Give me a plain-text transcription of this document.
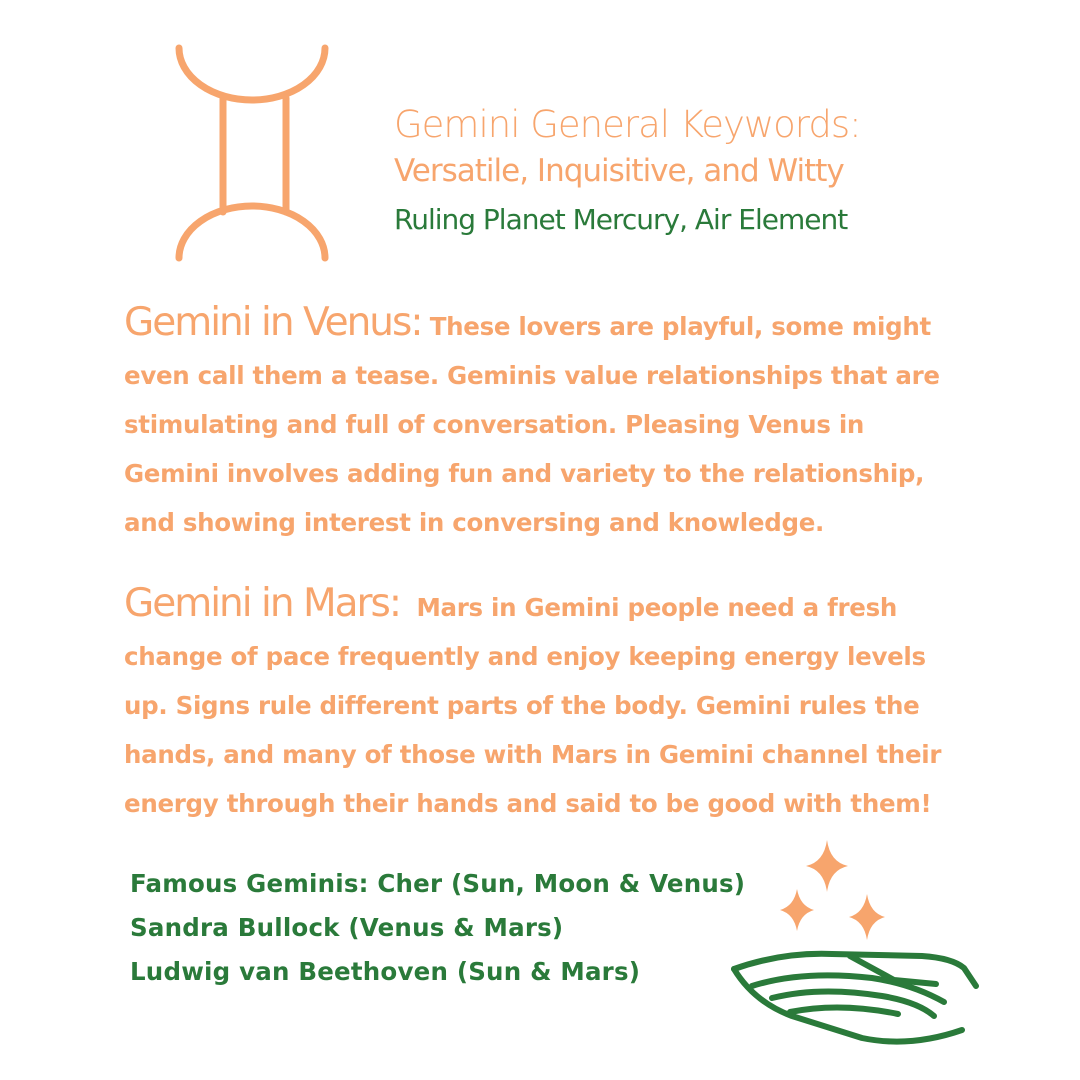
Gemini General Keywords:
Versatile, Inquisitive, and Witty
Ruling Planet Mercury, Air Element
Gemini in Venus: These lovers are playful, some might even call them a tease. Geminis value relationships that are stimulating and full of conversation. Pleasing Venus in Gemini involves adding fun and variety to the relationship, and showing interest in conversing and knowledge.
Gemini in Mars: Mars in Gemini people need a fresh change of pace frequently and enjoy keeping energy levels up. Signs rule different parts of the body. Gemini rules the hands, and many of those with Mars in Gemini channel their energy through their hands and said to be good with them!
Famous Geminis: Cher (Sun, Moon & Venus)
Sandra Bullock (Venus & Mars)
Ludwig van Beethoven (Sun & Mars)
